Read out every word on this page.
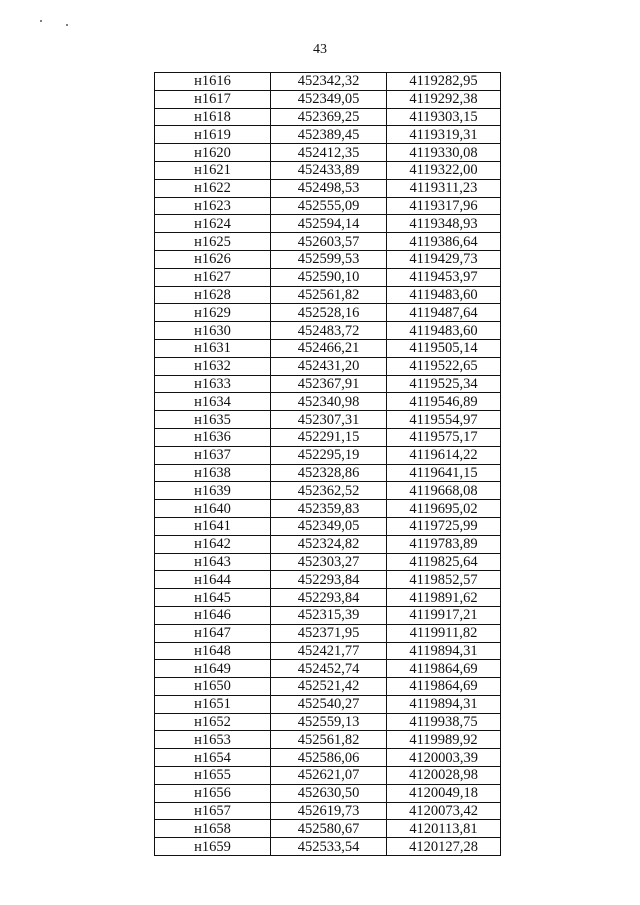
43
н1616	452342,32	4119282,95
н1617	452349,05	4119292,38
н1618	452369,25	4119303,15
н1619	452389,45	4119319,31
н1620	452412,35	4119330,08
н1621	452433,89	4119322,00
н1622	452498,53	4119311,23
н1623	452555,09	4119317,96
н1624	452594,14	4119348,93
н1625	452603,57	4119386,64
н1626	452599,53	4119429,73
н1627	452590,10	4119453,97
н1628	452561,82	4119483,60
н1629	452528,16	4119487,64
н1630	452483,72	4119483,60
н1631	452466,21	4119505,14
н1632	452431,20	4119522,65
н1633	452367,91	4119525,34
н1634	452340,98	4119546,89
н1635	452307,31	4119554,97
н1636	452291,15	4119575,17
н1637	452295,19	4119614,22
н1638	452328,86	4119641,15
н1639	452362,52	4119668,08
н1640	452359,83	4119695,02
н1641	452349,05	4119725,99
н1642	452324,82	4119783,89
н1643	452303,27	4119825,64
н1644	452293,84	4119852,57
н1645	452293,84	4119891,62
н1646	452315,39	4119917,21
н1647	452371,95	4119911,82
н1648	452421,77	4119894,31
н1649	452452,74	4119864,69
н1650	452521,42	4119864,69
н1651	452540,27	4119894,31
н1652	452559,13	4119938,75
н1653	452561,82	4119989,92
н1654	452586,06	4120003,39
н1655	452621,07	4120028,98
н1656	452630,50	4120049,18
н1657	452619,73	4120073,42
н1658	452580,67	4120113,81
н1659	452533,54	4120127,28
